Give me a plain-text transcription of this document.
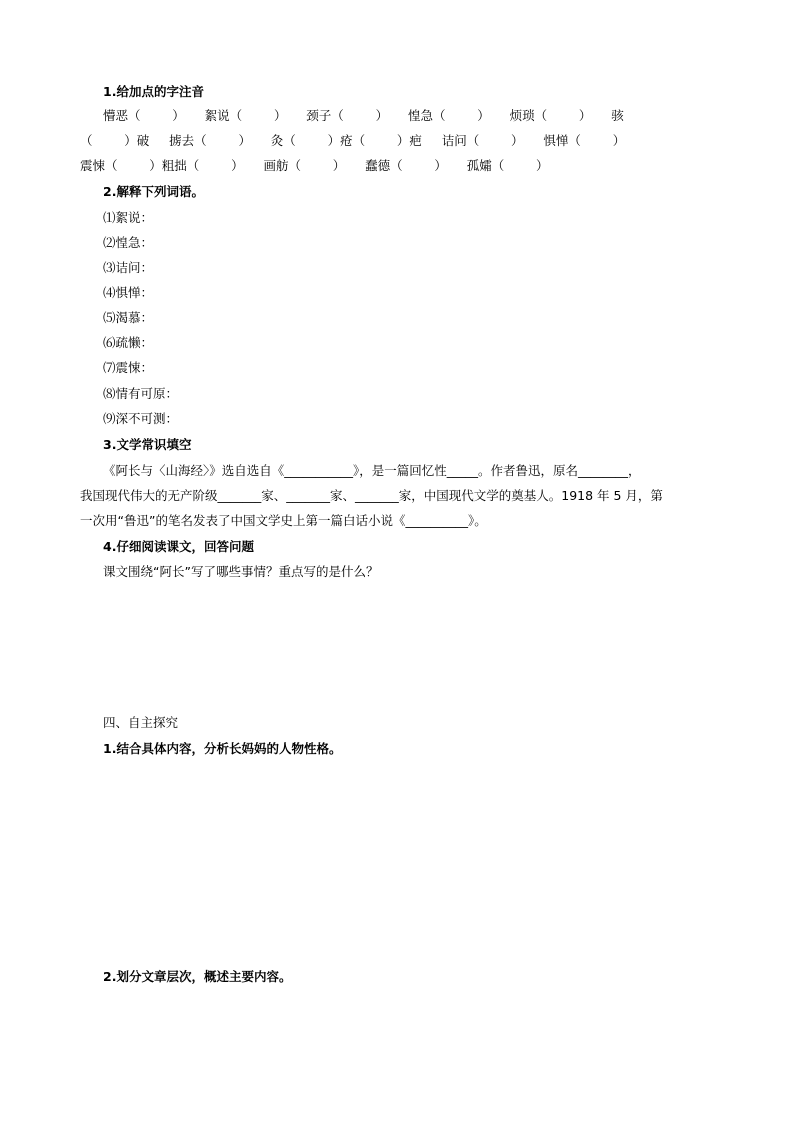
1.给加点的字注音
懵恶（        ）     絮说（        ）     颈子（        ）     惶急（        ）     烦琐（        ）     骇
（        ）破     掳去（        ）     灸（        ）疮（        ）疤     诘问（        ）     惧惮（        ）
震悚（        ）粗拙（        ）     画舫（        ）     蠢德（        ）     孤孀（        ）
2.解释下列词语。
⑴絮说：
⑵惶急：
⑶诘问：
⑷惧惮：
⑸渴慕：
⑹疏懒：
⑺震悚：
⑻情有可原：
⑼深不可测：
3.文学常识填空
《阿长与〈山海经〉》选自选自《___________》，是一篇回忆性_____。作者鲁迅，原名________，
我国现代伟大的无产阶级_______家、_______家、_______家，中国现代文学的奠基人。1918 年 5 月，第
一次用“鲁迅”的笔名发表了中国文学史上第一篇白话小说《__________》。
4.仔细阅读课文，回答问题
课文围绕“阿长”写了哪些事情？重点写的是什么？
四、自主探究
1.结合具体内容，分析长妈妈的人物性格。
2.划分文章层次，概述主要内容。
